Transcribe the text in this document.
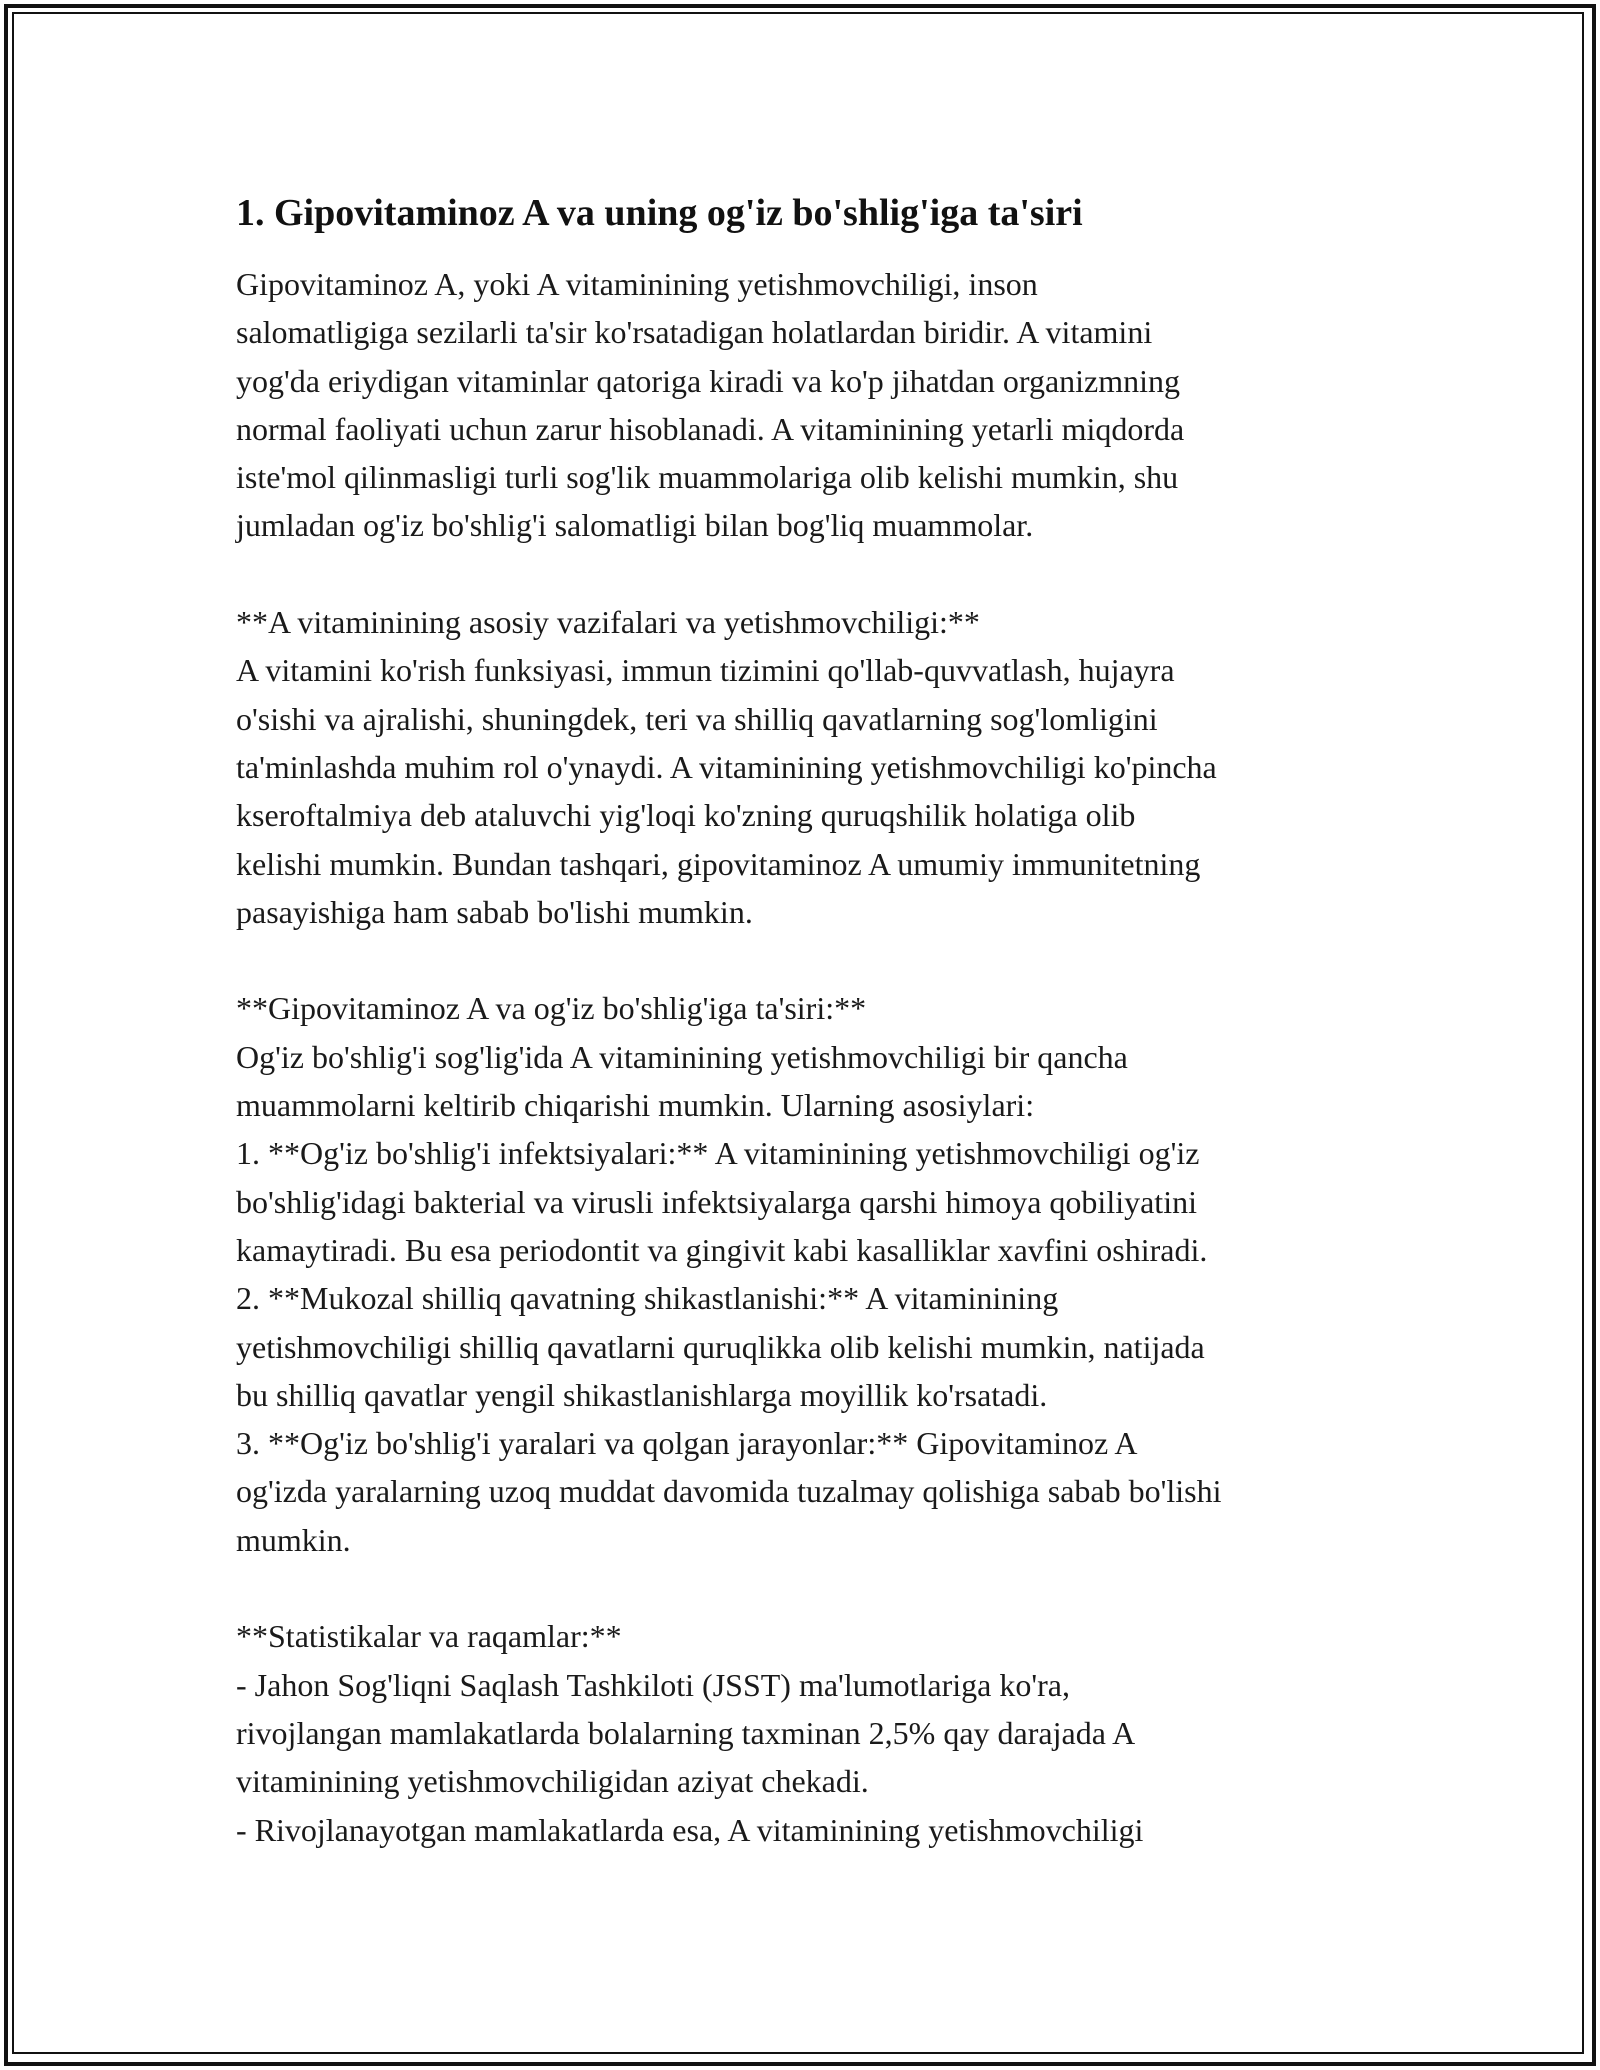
1. Gipovitaminoz A va uning og'iz bo'shlig'iga ta'siri
Gipovitaminoz A, yoki A vitaminining yetishmovchiligi, inson
salomatligiga sezilarli ta'sir ko'rsatadigan holatlardan biridir. A vitamini
yog'da eriydigan vitaminlar qatoriga kiradi va ko'p jihatdan organizmning
normal faoliyati uchun zarur hisoblanadi. A vitaminining yetarli miqdorda
iste'mol qilinmasligi turli sog'lik muammolariga olib kelishi mumkin, shu
jumladan og'iz bo'shlig'i salomatligi bilan bog'liq muammolar.
**A vitaminining asosiy vazifalari va yetishmovchiligi:**
A vitamini ko'rish funksiyasi, immun tizimini qo'llab-quvvatlash, hujayra
o'sishi va ajralishi, shuningdek, teri va shilliq qavatlarning sog'lomligini
ta'minlashda muhim rol o'ynaydi. A vitaminining yetishmovchiligi ko'pincha
kseroftalmiya deb ataluvchi yig'loqi ko'zning quruqshilik holatiga olib
kelishi mumkin. Bundan tashqari, gipovitaminoz A umumiy immunitetning
pasayishiga ham sabab bo'lishi mumkin.
**Gipovitaminoz A va og'iz bo'shlig'iga ta'siri:**
Og'iz bo'shlig'i sog'lig'ida A vitaminining yetishmovchiligi bir qancha
muammolarni keltirib chiqarishi mumkin. Ularning asosiylari:
1. **Og'iz bo'shlig'i infektsiyalari:** A vitaminining yetishmovchiligi og'iz
bo'shlig'idagi bakterial va virusli infektsiyalarga qarshi himoya qobiliyatini
kamaytiradi. Bu esa periodontit va gingivit kabi kasalliklar xavfini oshiradi.
2. **Mukozal shilliq qavatning shikastlanishi:** A vitaminining
yetishmovchiligi shilliq qavatlarni quruqlikka olib kelishi mumkin, natijada
bu shilliq qavatlar yengil shikastlanishlarga moyillik ko'rsatadi.
3. **Og'iz bo'shlig'i yaralari va qolgan jarayonlar:** Gipovitaminoz A
og'izda yaralarning uzoq muddat davomida tuzalmay qolishiga sabab bo'lishi
mumkin.
**Statistikalar va raqamlar:**
- Jahon Sog'liqni Saqlash Tashkiloti (JSST) ma'lumotlariga ko'ra,
rivojlangan mamlakatlarda bolalarning taxminan 2,5% qay darajada A
vitaminining yetishmovchiligidan aziyat chekadi.
- Rivojlanayotgan mamlakatlarda esa, A vitaminining yetishmovchiligi
